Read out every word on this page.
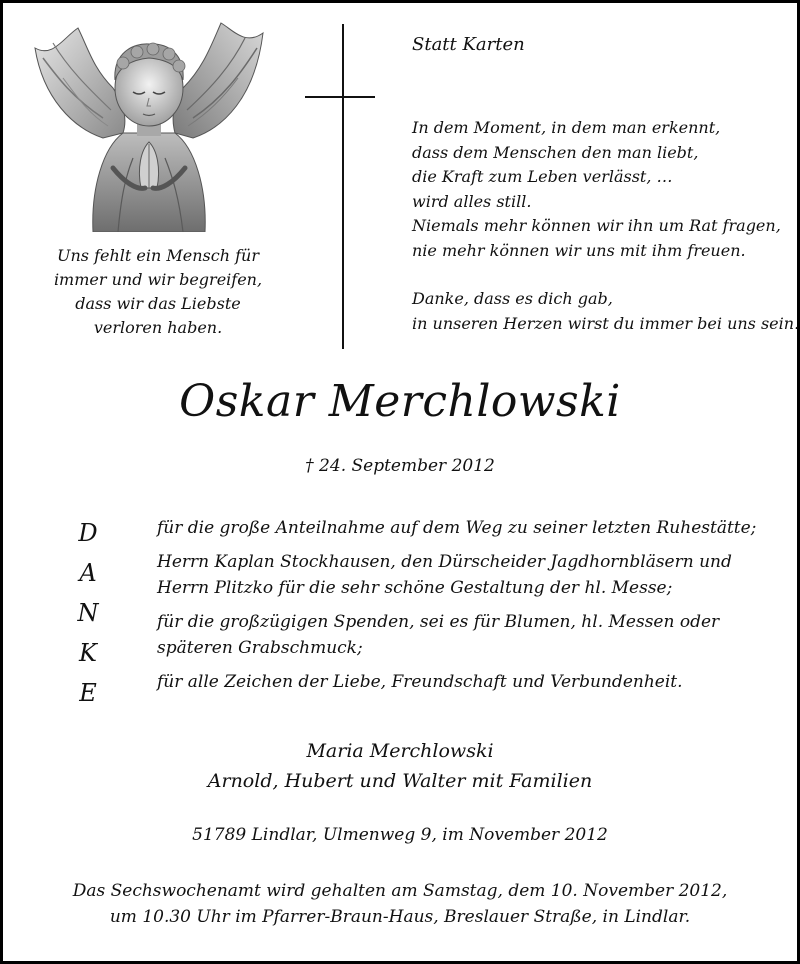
Uns fehlt ein Mensch für
immer und wir begreifen,
dass wir das Liebste
verloren haben.
Statt Karten
In dem Moment, in dem man erkennt,
dass dem Menschen den man liebt,
die Kraft zum Leben verlässt, …
wird alles still.
Niemals mehr können wir ihn um Rat fragen,
nie mehr können wir uns mit ihm freuen.
Danke, dass es dich gab,
in unseren Herzen wirst du immer bei uns sein.
Oskar Merchlowski
† 24. September 2012
D
A
N
K
E
für die große Anteilnahme auf dem Weg zu seiner letzten Ruhestätte;
Herrn Kaplan Stockhausen, den Dürscheider Jagdhornbläsern und
Herrn Plitzko für die sehr schöne Gestaltung der hl. Messe;
für die großzügigen Spenden, sei es für Blumen, hl. Messen oder
späteren Grabschmuck;
für alle Zeichen der Liebe, Freundschaft und Verbundenheit.
Maria Merchlowski
Arnold, Hubert und Walter mit Familien
51789 Lindlar, Ulmenweg 9, im November 2012
Das Sechswochenamt wird gehalten am Samstag, dem 10. November 2012,
um 10.30 Uhr im Pfarrer-Braun-Haus, Breslauer Straße, in Lindlar.
